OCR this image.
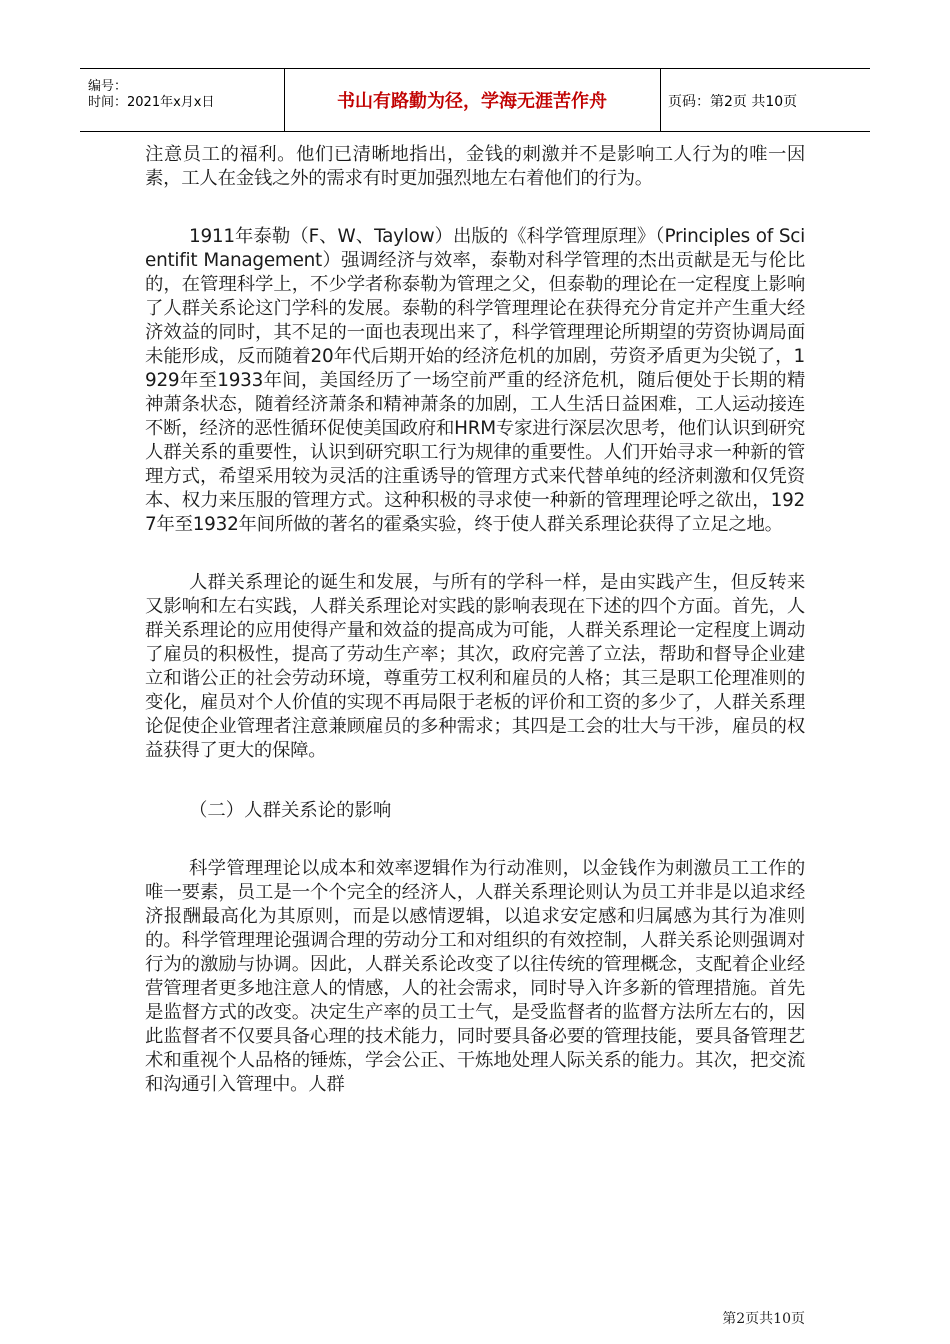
编号：
时间：2021年x月x日	书山有路勤为径，学海无涯苦作舟	页码：第2页 共10页

注意员工的福利。他们已清晰地指出，金钱的刺激并不是影响工人行为的唯一因素，工人在金钱之外的需求有时更加强烈地左右着他们的行为。

1911年泰勒（F、W、Taylow）出版的《科学管理原理》（Principles of Scientifit Management）强调经济与效率，泰勒对科学管理的杰出贡献是无与伦比的，在管理科学上，不少学者称泰勒为管理之父，但泰勒的理论在一定程度上影响了人群关系论这门学科的发展。泰勒的科学管理理论在获得充分肯定并产生重大经济效益的同时，其不足的一面也表现出来了，科学管理理论所期望的劳资协调局面未能形成，反而随着20年代后期开始的经济危机的加剧，劳资矛盾更为尖锐了，1929年至1933年间，美国经历了一场空前严重的经济危机，随后便处于长期的精神萧条状态，随着经济萧条和精神萧条的加剧，工人生活日益困难，工人运动接连不断，经济的恶性循环促使美国政府和HRM专家进行深层次思考，他们认识到研究人群关系的重要性，认识到研究职工行为规律的重要性。人们开始寻求一种新的管理方式，希望采用较为灵活的注重诱导的管理方式来代替单纯的经济刺激和仅凭资本、权力来压服的管理方式。这种积极的寻求使一种新的管理理论呼之欲出，1927年至1932年间所做的著名的霍桑实验，终于使人群关系理论获得了立足之地。

人群关系理论的诞生和发展，与所有的学科一样，是由实践产生，但反转来又影响和左右实践，人群关系理论对实践的影响表现在下述的四个方面。首先，人群关系理论的应用使得产量和效益的提高成为可能，人群关系理论一定程度上调动了雇员的积极性，提高了劳动生产率；其次，政府完善了立法，帮助和督导企业建立和谐公正的社会劳动环境，尊重劳工权利和雇员的人格；其三是职工伦理准则的变化，雇员对个人价值的实现不再局限于老板的评价和工资的多少了，人群关系理论促使企业管理者注意兼顾雇员的多种需求；其四是工会的壮大与干涉，雇员的权益获得了更大的保障。

（二）人群关系论的影响

科学管理理论以成本和效率逻辑作为行动准则，以金钱作为刺激员工工作的唯一要素，员工是一个个完全的经济人，人群关系理论则认为员工并非是以追求经济报酬最高化为其原则，而是以感情逻辑，以追求安定感和归属感为其行为准则的。科学管理理论强调合理的劳动分工和对组织的有效控制，人群关系论则强调对行为的激励与协调。因此，人群关系论改变了以往传统的管理概念，支配着企业经营管理者更多地注意人的情感，人的社会需求，同时导入许多新的管理措施。首先是监督方式的改变。决定生产率的员工士气，是受监督者的监督方法所左右的，因此监督者不仅要具备心理的技术能力，同时要具备必要的管理技能，要具备管理艺术和重视个人品格的锤炼，学会公正、干炼地处理人际关系的能力。其次，把交流和沟通引入管理中。人群

第2页共10页
